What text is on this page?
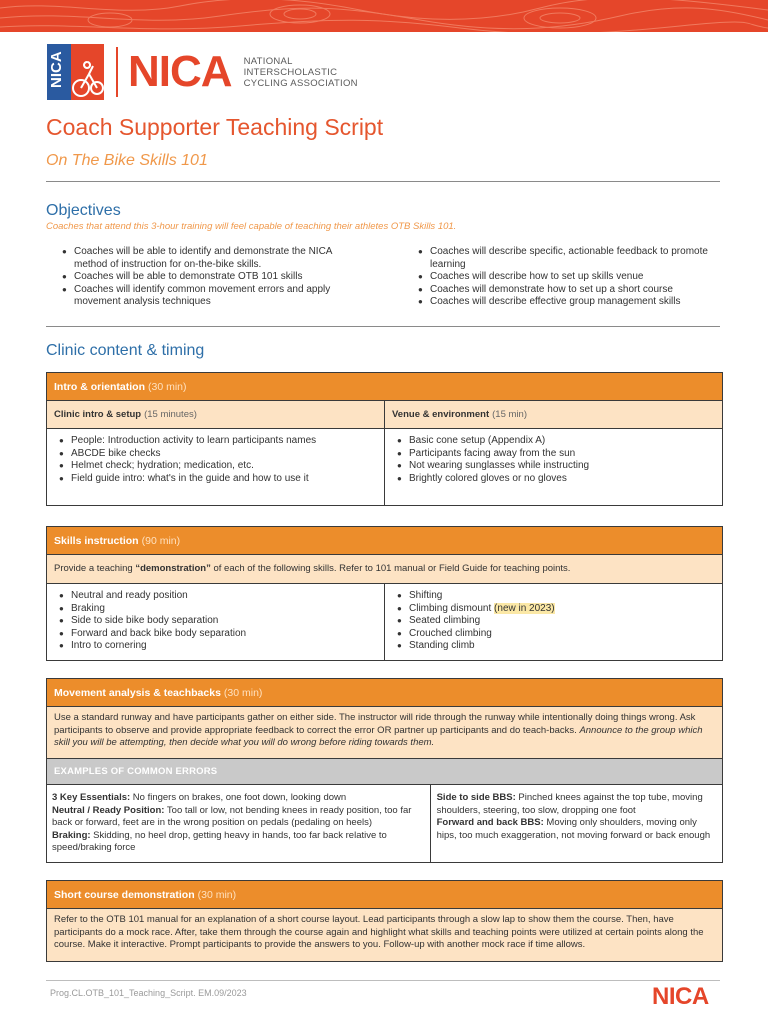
NICA NICA NATIONAL
INTERSCHOLASTIC
CYCLING ASSOCIATION
Coach Supporter Teaching Script
On The Bike Skills 101
Objectives
Coaches that attend this 3-hour training will feel capable of teaching their athletes OTB Skills 101.
● Coaches will be able to identify and demonstrate the NICA method of instruction for on-the-bike skills.
● Coaches will be able to demonstrate OTB 101 skills
● Coaches will identify common movement errors and apply movement analysis techniques
● Coaches will describe specific, actionable feedback to promote learning
● Coaches will describe how to set up skills venue
● Coaches will demonstrate how to set up a short course
● Coaches will describe effective group management skills
Clinic content & timing
Intro & orientation (30 min)
Clinic intro & setup (15 minutes)	Venue & environment (15 min)
● People: Introduction activity to learn participants names
● ABCDE bike checks
● Helmet check; hydration; medication, etc.
● Field guide intro: what's in the guide and how to use it
● Basic cone setup (Appendix A)
● Participants facing away from the sun
● Not wearing sunglasses while instructing
● Brightly colored gloves or no gloves
Skills instruction (90 min)
Provide a teaching “demonstration” of each of the following skills. Refer to 101 manual or Field Guide for teaching points.
● Neutral and ready position
● Braking
● Side to side bike body separation
● Forward and back bike body separation
● Intro to cornering
● Shifting
● Climbing dismount (new in 2023)
● Seated climbing
● Crouched climbing
● Standing climb
Movement analysis & teachbacks (30 min)
Use a standard runway and have participants gather on either side. The instructor will ride through the runway while intentionally doing things wrong. Ask participants to observe and provide appropriate feedback to correct the error OR partner up participants and do teach-backs. Announce to the group which skill you will be attempting, then decide what you will do wrong before riding towards them.
EXAMPLES OF COMMON ERRORS

3 Key Essentials: No fingers on brakes, one foot down, looking down

Neutral / Ready Position: Too tall or low, not bending knees in ready position, too far back or forward, feet are in the wrong position on pedals (pedaling on heels)

Braking: Skidding, no heel drop, getting heavy in hands, too far back relative to speed/braking force

Side to side BBS: Pinched knees against the top tube, moving shoulders, steering, too slow, dropping one foot

Forward and back BBS: Moving only shoulders, moving only hips, too much exaggeration, not moving forward or back enough

Short course demonstration (30 min)
Refer to the OTB 101 manual for an explanation of a short course layout. Lead participants through a slow lap to show them the course. Then, have participants do a mock race. After, take them through the course again and highlight what skills and teaching points were utilized at certain points along the course. Make it interactive. Prompt participants to provide the answers to you. Follow-up with another mock race if time allows.
Prog.CL.OTB_101_Teaching_Script. EM.09/2023	NICA
